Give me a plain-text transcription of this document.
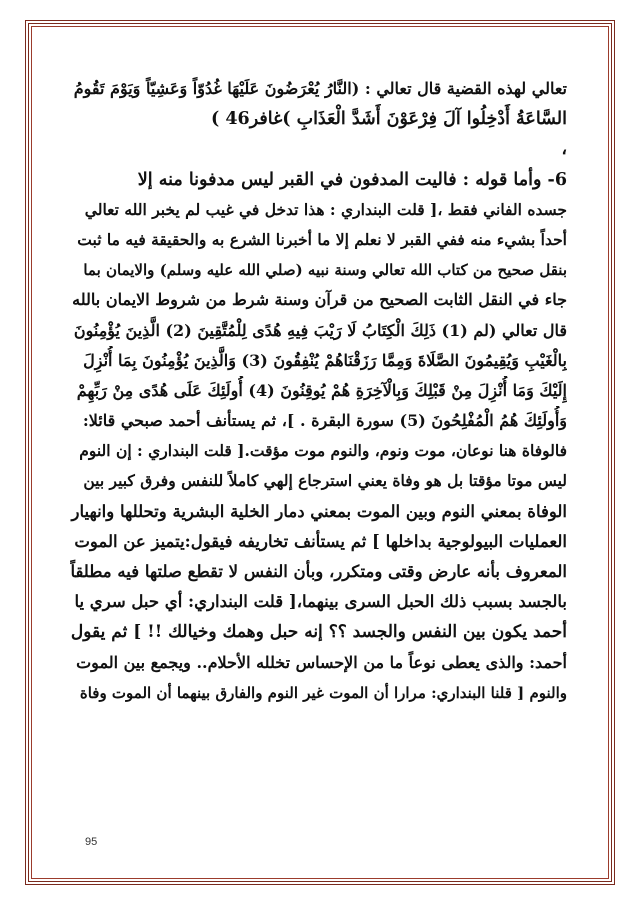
تعالي لهذه القضية قال تعالي : (النَّارُ يُعْرَضُونَ عَلَيْهَا غُدُوّاً وَعَشِيّاً وَيَوْمَ تَقُومُ
السَّاعَةُ أَدْخِلُوا آلَ فِرْعَوْنَ أَشَدَّ الْعَذَابِ )غافر46 )
،
6- وأما قوله : فاليت المدفون في القبر ليس مدفونا منه إلا
جسده الفاني فقط ،[ قلت البنداري : هذا تدخل في غيب لم يخبر الله تعالي
أحداً بشيء منه ففي القبر لا نعلم إلا ما أخبرنا الشرع به والحقيقة فيه ما ثبت
بنقل صحيح من كتاب الله تعالي وسنة نبيه (صلي الله عليه وسلم) والايمان بما
جاء في النقل الثابت الصحيح من قرآن وسنة شرط من شروط الايمان بالله
قال تعالي (لم (1) ذَلِكَ الْكِتَابُ لَا رَيْبَ فِيهِ هُدًى لِلْمُتَّقِينَ (2) الَّذِينَ يُؤْمِنُونَ
بِالْغَيْبِ وَيُقِيمُونَ الصَّلَاةَ وَمِمَّا رَزَقْنَاهُمْ يُنْفِقُونَ (3) وَالَّذِينَ يُؤْمِنُونَ بِمَا أُنْزِلَ
إِلَيْكَ وَمَا أُنْزِلَ مِنْ قَبْلِكَ وَبِالْآخِرَةِ هُمْ يُوقِنُونَ (4) أُولَئِكَ عَلَى هُدًى مِنْ رَبِّهِمْ
وَأُولَئِكَ هُمُ الْمُفْلِحُونَ (5) سورة البقرة . ]، ثم يستأنف أحمد صبحي قائلا:
فالوفاة هنا نوعان، موت ونوم، والنوم موت مؤقت.[ قلت البنداري : إن النوم
ليس موتا مؤقتا بل هو وفاة يعني استرجاع إلهي كاملاً للنفس وفرق كبير بين
الوفاة بمعني النوم وبين الموت بمعني دمار الخلية البشرية وتحللها وانهيار
العمليات البيولوجية بداخلها ] ثم يستأنف تخاريفه فيقول:يتميز عن الموت
المعروف بأنه عارض وقتى ومتكرر، وبأن النفس لا تقطع صلتها فيه مطلقاً
بالجسد بسبب ذلك الحبل السرى بينهما،[ قلت البنداري: أي حبل سري يا
أحمد يكون بين النفس والجسد ؟؟ إنه حبل وهمك وخيالك !! ] ثم يقول
أحمد: والذى يعطى نوعاً ما من الإحساس تخلله الأحلام.. ويجمع بين الموت
والنوم [ قلنا البنداري: مرارا أن الموت غير النوم والفارق بينهما أن الموت وفاة
95
